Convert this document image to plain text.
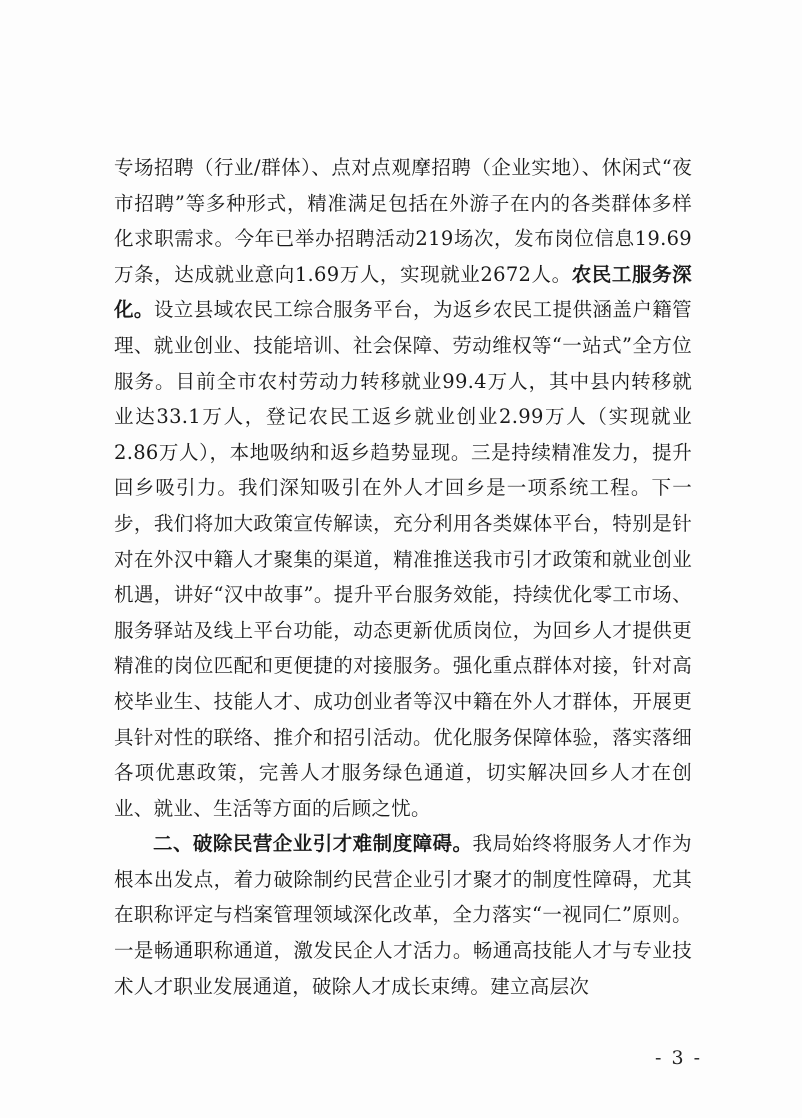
专场招聘（行业/群体）、点对点观摩招聘（企业实地）、休闲式“夜市招聘”等多种形式，精准满足包括在外游子在内的各类群体多样化求职需求。今年已举办招聘活动219场次，发布岗位信息19.69万条，达成就业意向1.69万人，实现就业2672人。农民工服务深化。设立县域农民工综合服务平台，为返乡农民工提供涵盖户籍管理、就业创业、技能培训、社会保障、劳动维权等“一站式”全方位服务。目前全市农村劳动力转移就业99.4万人，其中县内转移就业达33.1万人，登记农民工返乡就业创业2.99万人（实现就业2.86万人），本地吸纳和返乡趋势显现。三是持续精准发力，提升回乡吸引力。我们深知吸引在外人才回乡是一项系统工程。下一步，我们将加大政策宣传解读，充分利用各类媒体平台，特别是针对在外汉中籍人才聚集的渠道，精准推送我市引才政策和就业创业机遇，讲好“汉中故事”。提升平台服务效能，持续优化零工市场、服务驿站及线上平台功能，动态更新优质岗位，为回乡人才提供更精准的岗位匹配和更便捷的对接服务。强化重点群体对接，针对高校毕业生、技能人才、成功创业者等汉中籍在外人才群体，开展更具针对性的联络、推介和招引活动。优化服务保障体验，落实落细各项优惠政策，完善人才服务绿色通道，切实解决回乡人才在创业、就业、生活等方面的后顾之忧。

二、破除民营企业引才难制度障碍。我局始终将服务人才作为根本出发点，着力破除制约民营企业引才聚才的制度性障碍，尤其在职称评定与档案管理领域深化改革，全力落实“一视同仁”原则。一是畅通职称通道，激发民企人才活力。畅通高技能人才与专业技术人才职业发展通道，破除人才成长束缚。建立高层次

- 3 -
